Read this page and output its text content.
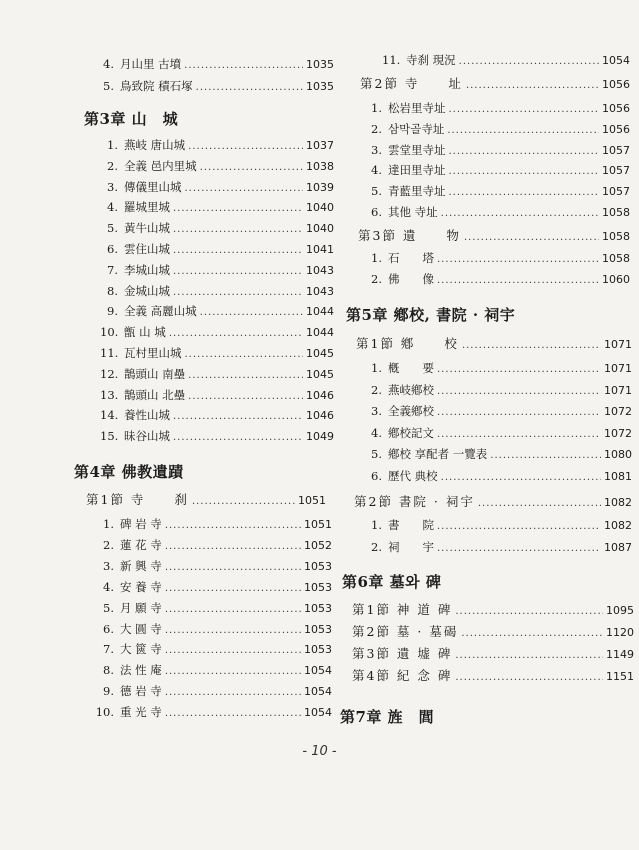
4. 月山里 古墳 .....	1035
5. 鳥致院 積石塚 .....	1035
第3章 山　城
1. 燕岐 唐山城 .....	1037
2. 全義 邑内里城 .....	1038
3. 傳儀里山城 .....	1039
4. 羅城里城 .....	1040
5. 黃牛山城 .....	1040
6. 雲住山城 .....	1041
7. 李城山城 .....	1043
8. 金城山城 .....	1043
9. 全義 高麗山城 .....	1044
10. 甑 山 城 .....	1044
11. 瓦村里山城 .....	1045
12. 鵲頭山 南壘 .....	1045
13. 鵲頭山 北壘 .....	1046
14. 養性山城 .....	1046
15. 昧谷山城 .....	1049
第4章 佛教遺蹟
第1節 寺　　刹 .....	1051
1. 碑 岩 寺 .....	1051
2. 蓮 花 寺 .....	1052
3. 新 興 寺 .....	1053
4. 安 養 寺 .....	1053
5. 月 願 寺 .....	1053
6. 大 圓 寺 .....	1053
7. 大 篋 寺 .....	1053
8. 法 性 庵 .....	1054
9. 德 岩 寺 .....	1054
10. 重 光 寺 .....	1054
11. 寺刹 現況 .....	1054
第2節 寺　　址 .....	1056
1. 松岩里寺址 .....	1056
2. 삼막골寺址 .....	1056
3. 雲堂里寺址 .....	1057
4. 達田里寺址 .....	1057
5. 青藍里寺址 .....	1057
6. 其他 寺址 .....	1058
第3節 遺　　物 .....	1058
1. 石　　塔 .....	1058
2. 佛　　像 .....	1060
第5章 鄕校, 書院 · 祠宇
第1節 鄕　　校 .....	1071
1. 槪　　要 .....	1071
2. 燕岐鄕校 .....	1071
3. 全義鄕校 .....	1072
4. 鄕校記文 .....	1072
5. 鄕校 享配者 一覽表 .....	1080
6. 歷代 典校 .....	1081
第2節 書院 · 祠宇 .....	1082
1. 書　　院 .....	1082
2. 祠　　宇 .....	1087
第6章 墓와 碑
第1節 神 道 碑 .....	1095
第2節 墓 · 墓碣 .....	1120
第3節 遺 墟 碑 .....	1149
第4節 紀 念 碑 .....	1151
第7章 旌　閭
- 10 -
